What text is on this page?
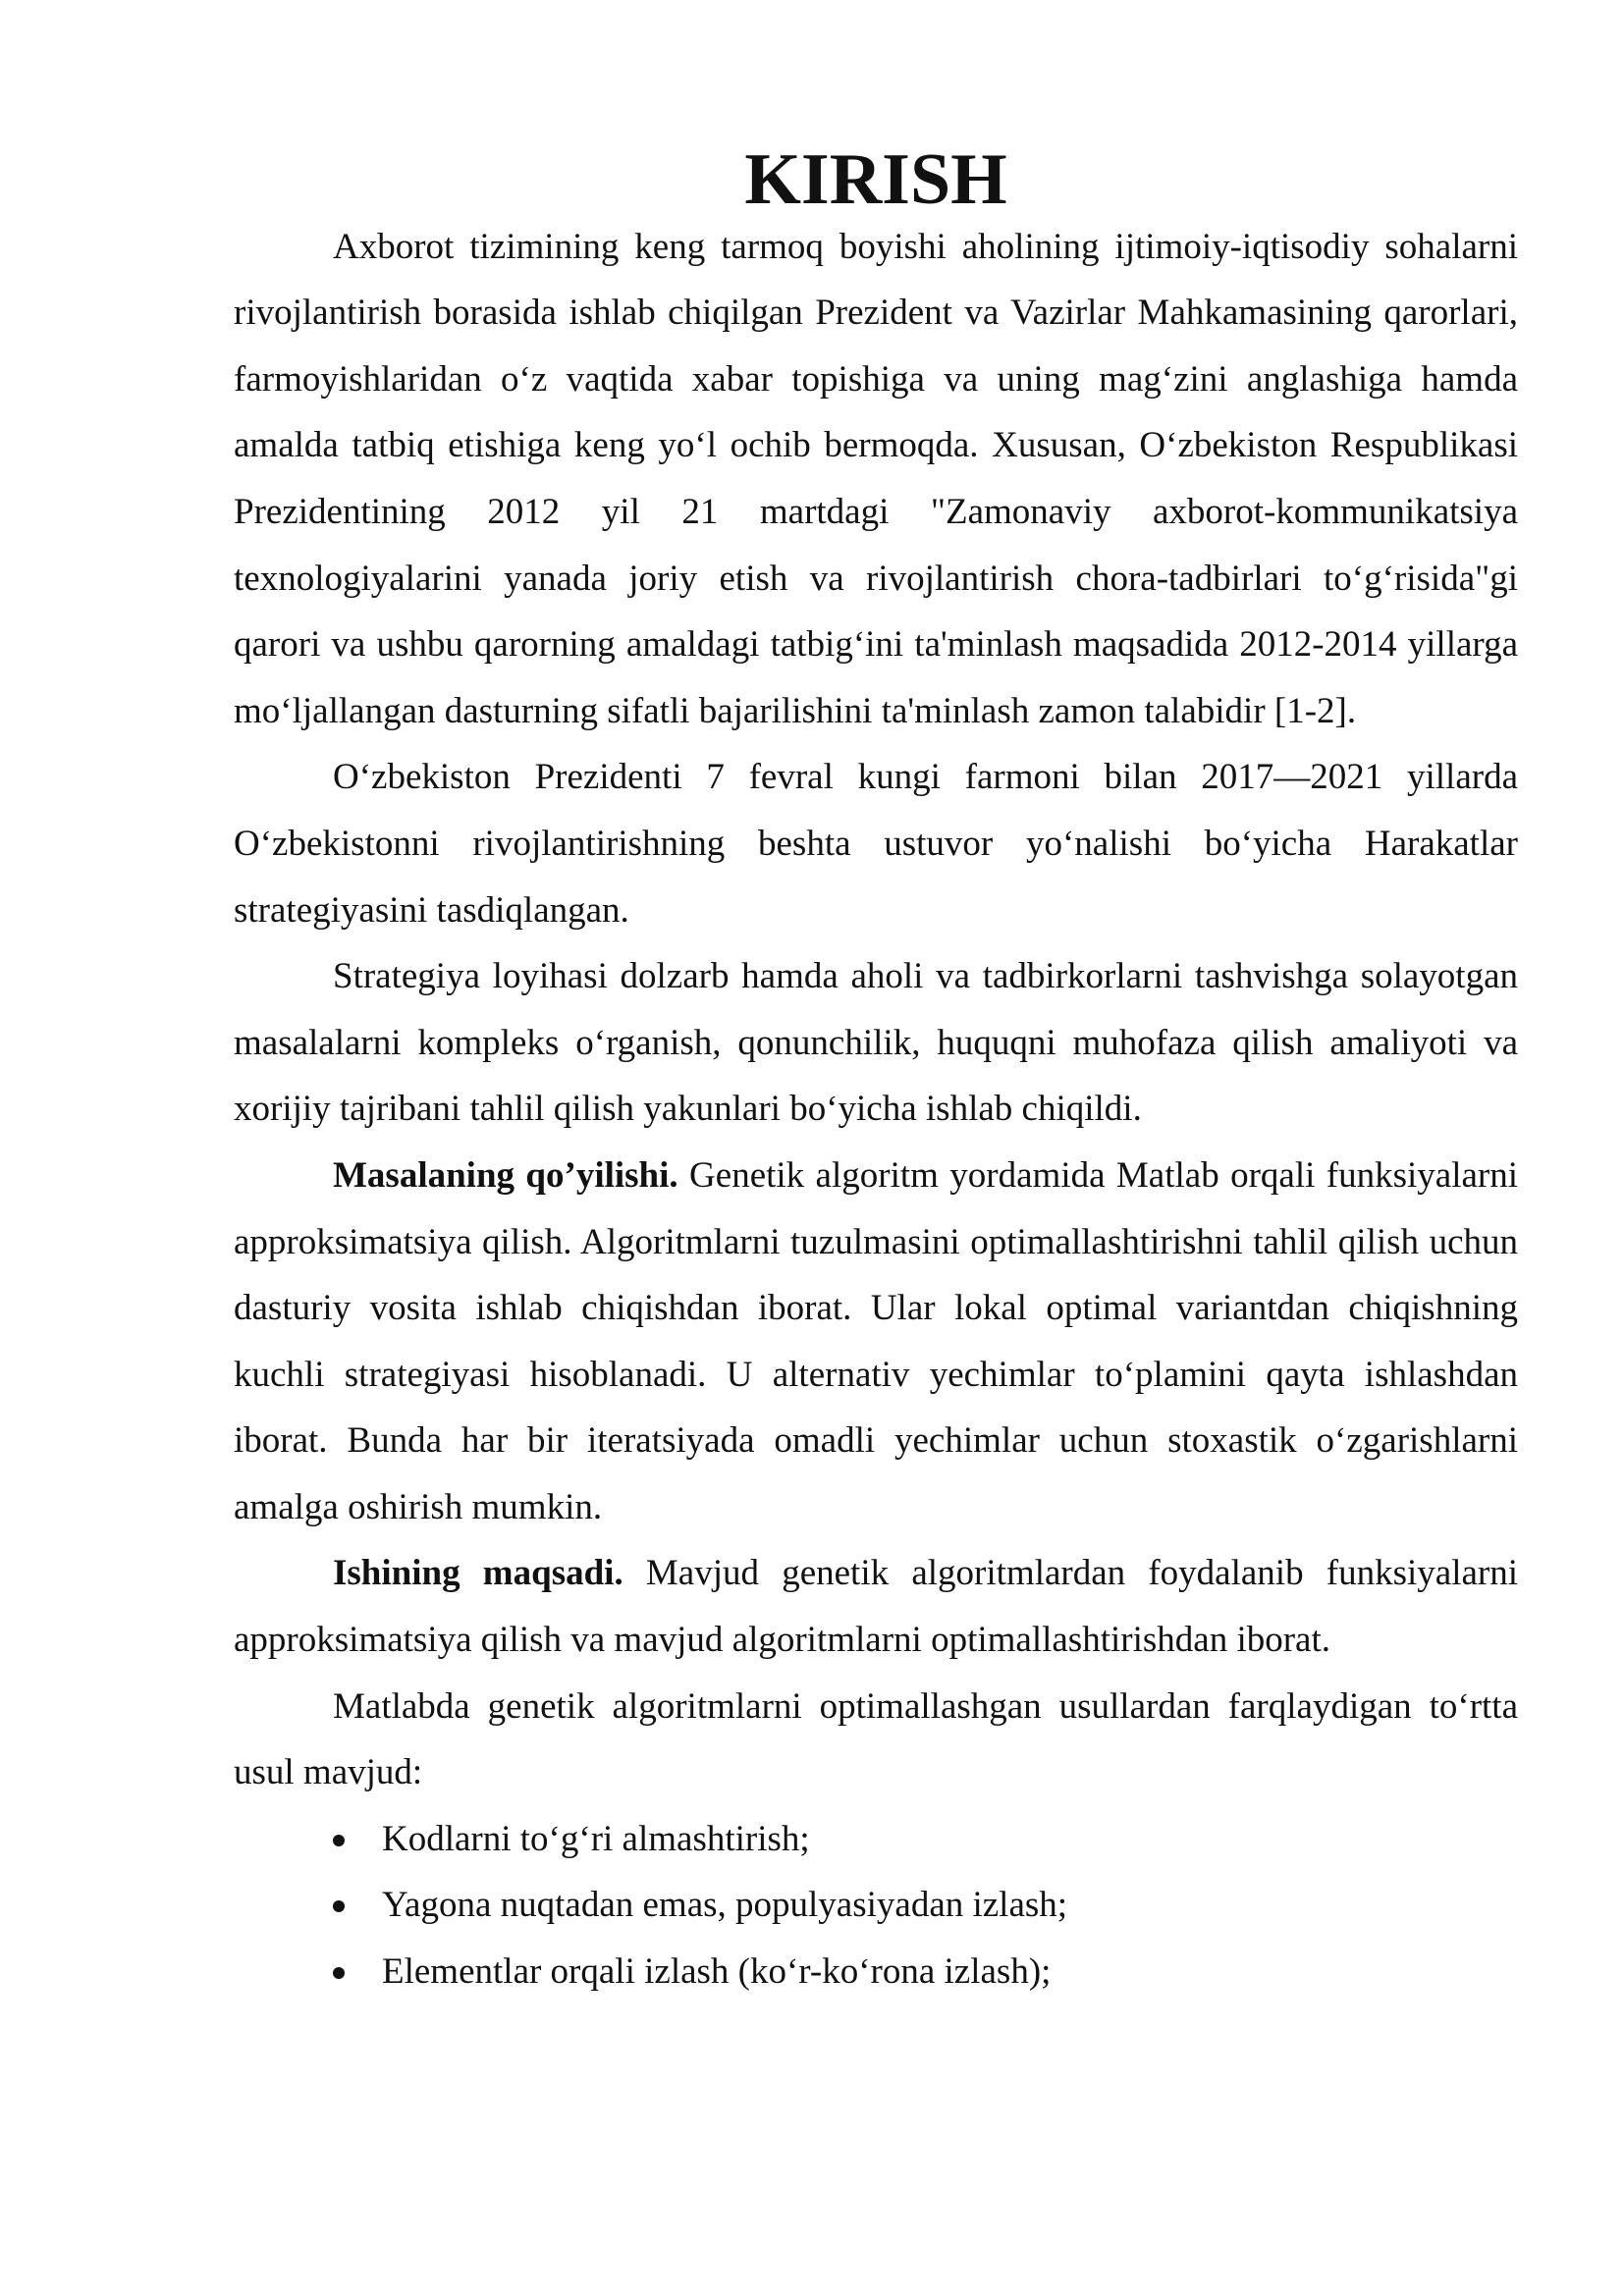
KIRISH

Axborot tizimining keng tarmoq boyishi aholining ijtimoiy-iqtisodiy sohalarni rivojlantirish borasida ishlab chiqilgan Prezident va Vazirlar Mahkamasining qarorlari, farmoyishlaridan o‘z vaqtida xabar topishiga va uning mag‘zini anglashiga hamda amalda tatbiq etishiga keng yo‘l ochib bermoqda. Xususan, O‘zbekiston Respublikasi Prezidentining 2012 yil 21 martdagi "Zamonaviy axborot-kommunikatsiya texnologiyalarini yanada joriy etish va rivojlantirish chora-tadbirlari to‘g‘risida"gi qarori va ushbu qarorning amaldagi tatbig‘ini ta'minlash maqsadida 2012-2014 yillarga mo‘ljallangan dasturning sifatli bajarilishini ta'minlash zamon talabidir [1-2].

O‘zbekiston Prezidenti 7 fevral kungi farmoni bilan 2017—2021 yillarda O‘zbekistonni rivojlantirishning beshta ustuvor yo‘nalishi bo‘yicha Harakatlar strategiyasini tasdiqlangan.

Strategiya loyihasi dolzarb hamda aholi va tadbirkorlarni tashvishga solayotgan masalalarni kompleks o‘rganish, qonunchilik, huquqni muhofaza qilish amaliyoti va xorijiy tajribani tahlil qilish yakunlari bo‘yicha ishlab chiqildi.

Masalaning qo’yilishi. Genetik algoritm yordamida Matlab orqali funksiyalarni approksimatsiya qilish. Algoritmlarni tuzulmasini optimallashtirishni tahlil qilish uchun dasturiy vosita ishlab chiqishdan iborat. Ular lokal optimal variantdan chiqishning kuchli strategiyasi hisoblanadi. U alternativ yechimlar to‘plamini qayta ishlashdan iborat. Bunda har bir iteratsiyada omadli yechimlar uchun stoxastik o‘zgarishlarni amalga oshirish mumkin.

Ishining maqsadi. Mavjud genetik algoritmlardan foydalanib funksiyalarni approksimatsiya qilish va mavjud algoritmlarni optimallashtirishdan iborat.

Matlabda genetik algoritmlarni optimallashgan usullardan farqlaydigan to‘rtta usul mavjud:

Kodlarni to‘g‘ri almashtirish;
Yagona nuqtadan emas, populyasiyadan izlash;
Elementlar orqali izlash (ko‘r-ko‘rona izlash);
